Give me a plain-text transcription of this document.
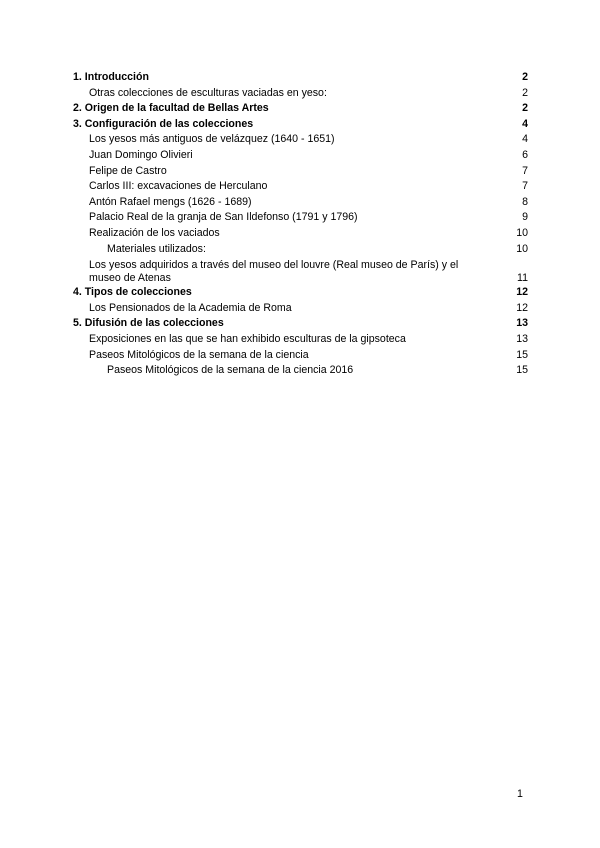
1. Introducción	2
Otras colecciones de esculturas vaciadas en yeso:	2
2. Origen de la facultad de Bellas Artes	2
3. Configuración de las colecciones	4
Los yesos más antiguos de velázquez (1640 - 1651)	4
Juan Domingo Olivieri	6
Felipe de Castro	7
Carlos III: excavaciones de Herculano	7
Antón Rafael mengs (1626 - 1689)	8
Palacio Real de la granja de San Ildefonso (1791 y 1796)	9
Realización de los vaciados	10
Materiales utilizados:	10
Los yesos adquiridos a través del museo del louvre (Real museo de París) y el museo de Atenas	11
4. Tipos de colecciones	12
Los Pensionados de la Academia de Roma	12
5. Difusión de las colecciones	13
Exposiciones en las que se han exhibido esculturas de la gipsoteca	13
Paseos Mitológicos de la semana de la ciencia	15
Paseos Mitológicos de la semana de la ciencia 2016	15
1
